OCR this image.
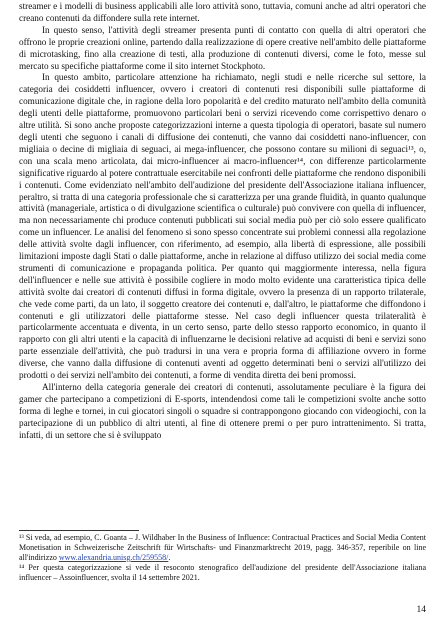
streamer e i modelli di business applicabili alle loro attività sono, tuttavia, comuni anche ad altri operatori che creano contenuti da diffondere sulla rete internet.

In questo senso, l'attività degli streamer presenta punti di contatto con quella di altri operatori che offrono le proprie creazioni online, partendo dalla realizzazione di opere creative nell'ambito delle piattaforme di microtasking, fino alla creazione di testi, alla produzione di contenuti diversi, come le foto, messe sul mercato su specifiche piattaforme come il sito internet Stockphoto.

In questo ambito, particolare attenzione ha richiamato, negli studi e nelle ricerche sul settore, la categoria dei cosiddetti influencer, ovvero i creatori di contenuti resi disponibili sulle piattaforme di comunicazione digitale che, in ragione della loro popolarità e del credito maturato nell'ambito della comunità degli utenti delle piattaforme, promuovono particolari beni o servizi ricevendo come corrispettivo denaro o altre utilità. Si sono anche proposte categorizzazioni interne a questa tipologia di operatori, basate sul numero degli utenti che seguono i canali di diffusione dei contenuti, che vanno dai cosiddetti nano-influencer, con migliaia o decine di migliaia di seguaci, ai mega-influencer, che possono contare su milioni di seguaci¹³, o, con una scala meno articolata, dai micro-influencer ai macro-influencer¹⁴, con differenze particolarmente significative riguardo al potere contrattuale esercitabile nei confronti delle piattaforme che rendono disponibili i contenuti. Come evidenziato nell'ambito dell'audizione del presidente dell'Associazione italiana influencer, peraltro, si tratta di una categoria professionale che si caratterizza per una grande fluidità, in quanto qualunque attività (manageriale, artistica o di divulgazione scientifica o culturale) può convivere con quella di influencer, ma non necessariamente chi produce contenuti pubblicati sui social media può per ciò solo essere qualificato come un influencer. Le analisi del fenomeno si sono spesso concentrate sui problemi connessi alla regolazione delle attività svolte dagli influencer, con riferimento, ad esempio, alla libertà di espressione, alle possibili limitazioni imposte dagli Stati o dalle piattaforme, anche in relazione al diffuso utilizzo dei social media come strumenti di comunicazione e propaganda politica. Per quanto qui maggiormente interessa, nella figura dell'influencer e nelle sue attività è possibile cogliere in modo molto evidente una caratteristica tipica delle attività svolte dai creatori di contenuti diffusi in forma digitale, ovvero la presenza di un rapporto trilaterale, che vede come parti, da un lato, il soggetto creatore dei contenuti e, dall'altro, le piattaforme che diffondono i contenuti e gli utilizzatori delle piattaforme stesse. Nel caso degli influencer questa trilateralità è particolarmente accentuata e diventa, in un certo senso, parte dello stesso rapporto economico, in quanto il rapporto con gli altri utenti e la capacità di influenzarne le decisioni relative ad acquisti di beni e servizi sono parte essenziale dell'attività, che può tradursi in una vera e propria forma di affiliazione ovvero in forme diverse, che vanno dalla diffusione di contenuti aventi ad oggetto determinati beni o servizi all'utilizzo dei prodotti o dei servizi nell'ambito dei contenuti, a forme di vendita diretta dei beni promossi.

All'interno della categoria generale dei creatori di contenuti, assolutamente peculiare è la figura dei gamer che partecipano a competizioni di E-sports, intendendosi come tali le competizioni svolte anche sotto forma di leghe e tornei, in cui giocatori singoli o squadre si contrappongono giocando con videogiochi, con la partecipazione di un pubblico di altri utenti, al fine di ottenere premi o per puro intrattenimento. Si tratta, infatti, di un settore che si è sviluppato

¹³ Si veda, ad esempio, C. Goanta – J. Wildhaber In the Business of Influence: Contractual Practices and Social Media Content Monetisation in Schweizerische Zeitschrift für Wirtschafts- und Finanzmarktrecht 2019, pagg. 346-357, reperibile on line all'indirizzo www.alexandria.unisg.ch/259558/.

¹⁴ Per questa categorizzazione si vede il resoconto stenografico dell'audizione del presidente dell'Associazione italiana influencer – Assoinfluencer, svolta il 14 settembre 2021.

14
